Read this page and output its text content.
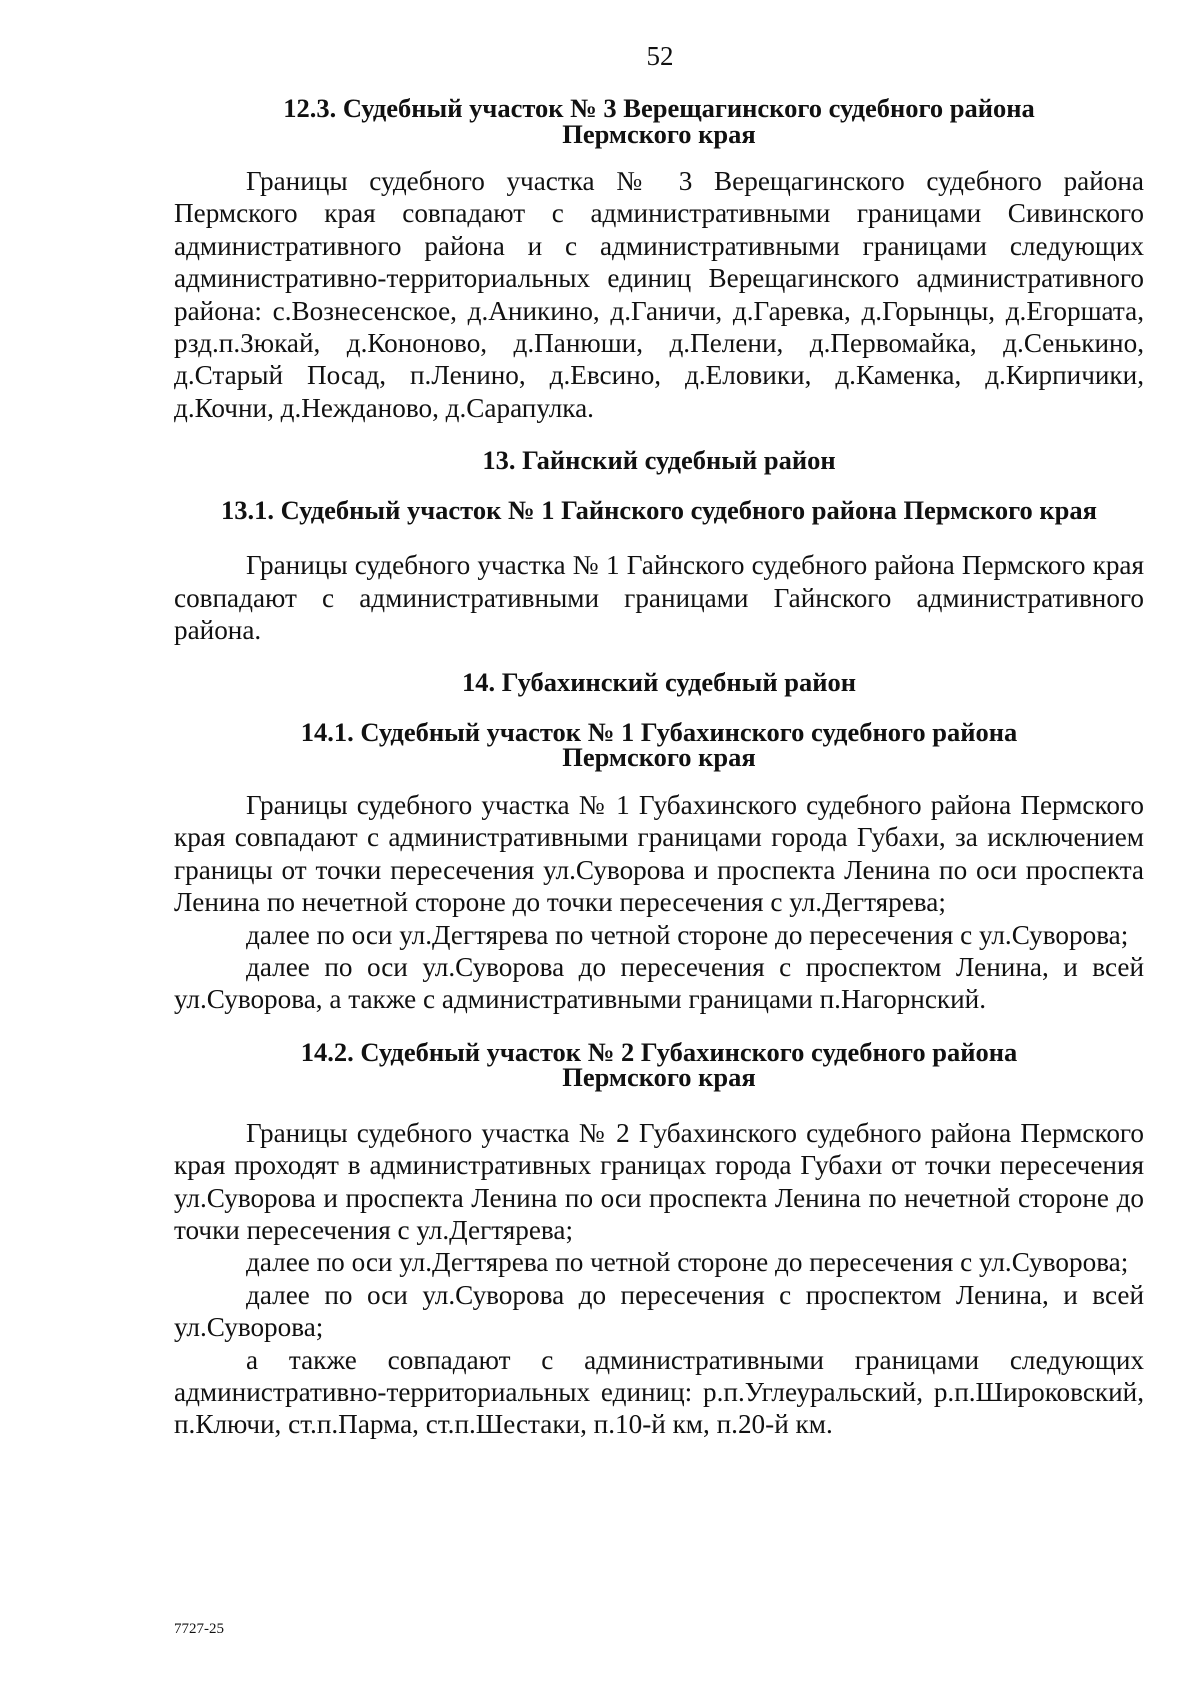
52
12.3. Судебный участок № 3 Верещагинского судебного района
Пермского края

Границы судебного участка № 3 Верещагинского судебного района Пермского края совпадают с административными границами Сивинского административного района и с административными границами следующих административно-территориальных единиц Верещагинского административного района: с.Вознесенское, д.Аникино, д.Ганичи, д.Гаревка, д.Горынцы, д.Егоршата, рзд.п.Зюкай, д.Кононово, д.Панюши, д.Пелени, д.Первомайка, д.Сенькино, д.Старый Посад, п.Ленино, д.Евсино, д.Еловики, д.Каменка, д.Кирпичики, д.Кочни, д.Нежданово, д.Сарапулка.

13. Гайнский судебный район
13.1. Судебный участок № 1 Гайнского судебного района Пермского края

Границы судебного участка № 1 Гайнского судебного района Пермского края совпадают с административными границами Гайнского административного района.

14. Губахинский судебный район
14.1. Судебный участок № 1 Губахинского судебного района
Пермского края

Границы судебного участка № 1 Губахинского судебного района Пермского края совпадают с административными границами города Губахи, за исключением границы от точки пересечения ул.Суворова и проспекта Ленина по оси проспекта Ленина по нечетной стороне до точки пересечения с ул.Дегтярева;

далее по оси ул.Дегтярева по четной стороне до пересечения с ул.Суворова;

далее по оси ул.Суворова до пересечения с проспектом Ленина, и всей ул.Суворова, а также с административными границами п.Нагорнский.

14.2. Судебный участок № 2 Губахинского судебного района
Пермского края

Границы судебного участка № 2 Губахинского судебного района Пермского края проходят в административных границах города Губахи от точки пересечения ул.Суворова и проспекта Ленина по оси проспекта Ленина по нечетной стороне до точки пересечения с ул.Дегтярева;

далее по оси ул.Дегтярева по четной стороне до пересечения с ул.Суворова;

далее по оси ул.Суворова до пересечения с проспектом Ленина, и всей ул.Суворова;

а также совпадают с административными границами следующих административно-территориальных единиц: р.п.Углеуральский, р.п.Широковский, п.Ключи, ст.п.Парма, ст.п.Шестаки, п.10-й км, п.20-й км.

7727-25
